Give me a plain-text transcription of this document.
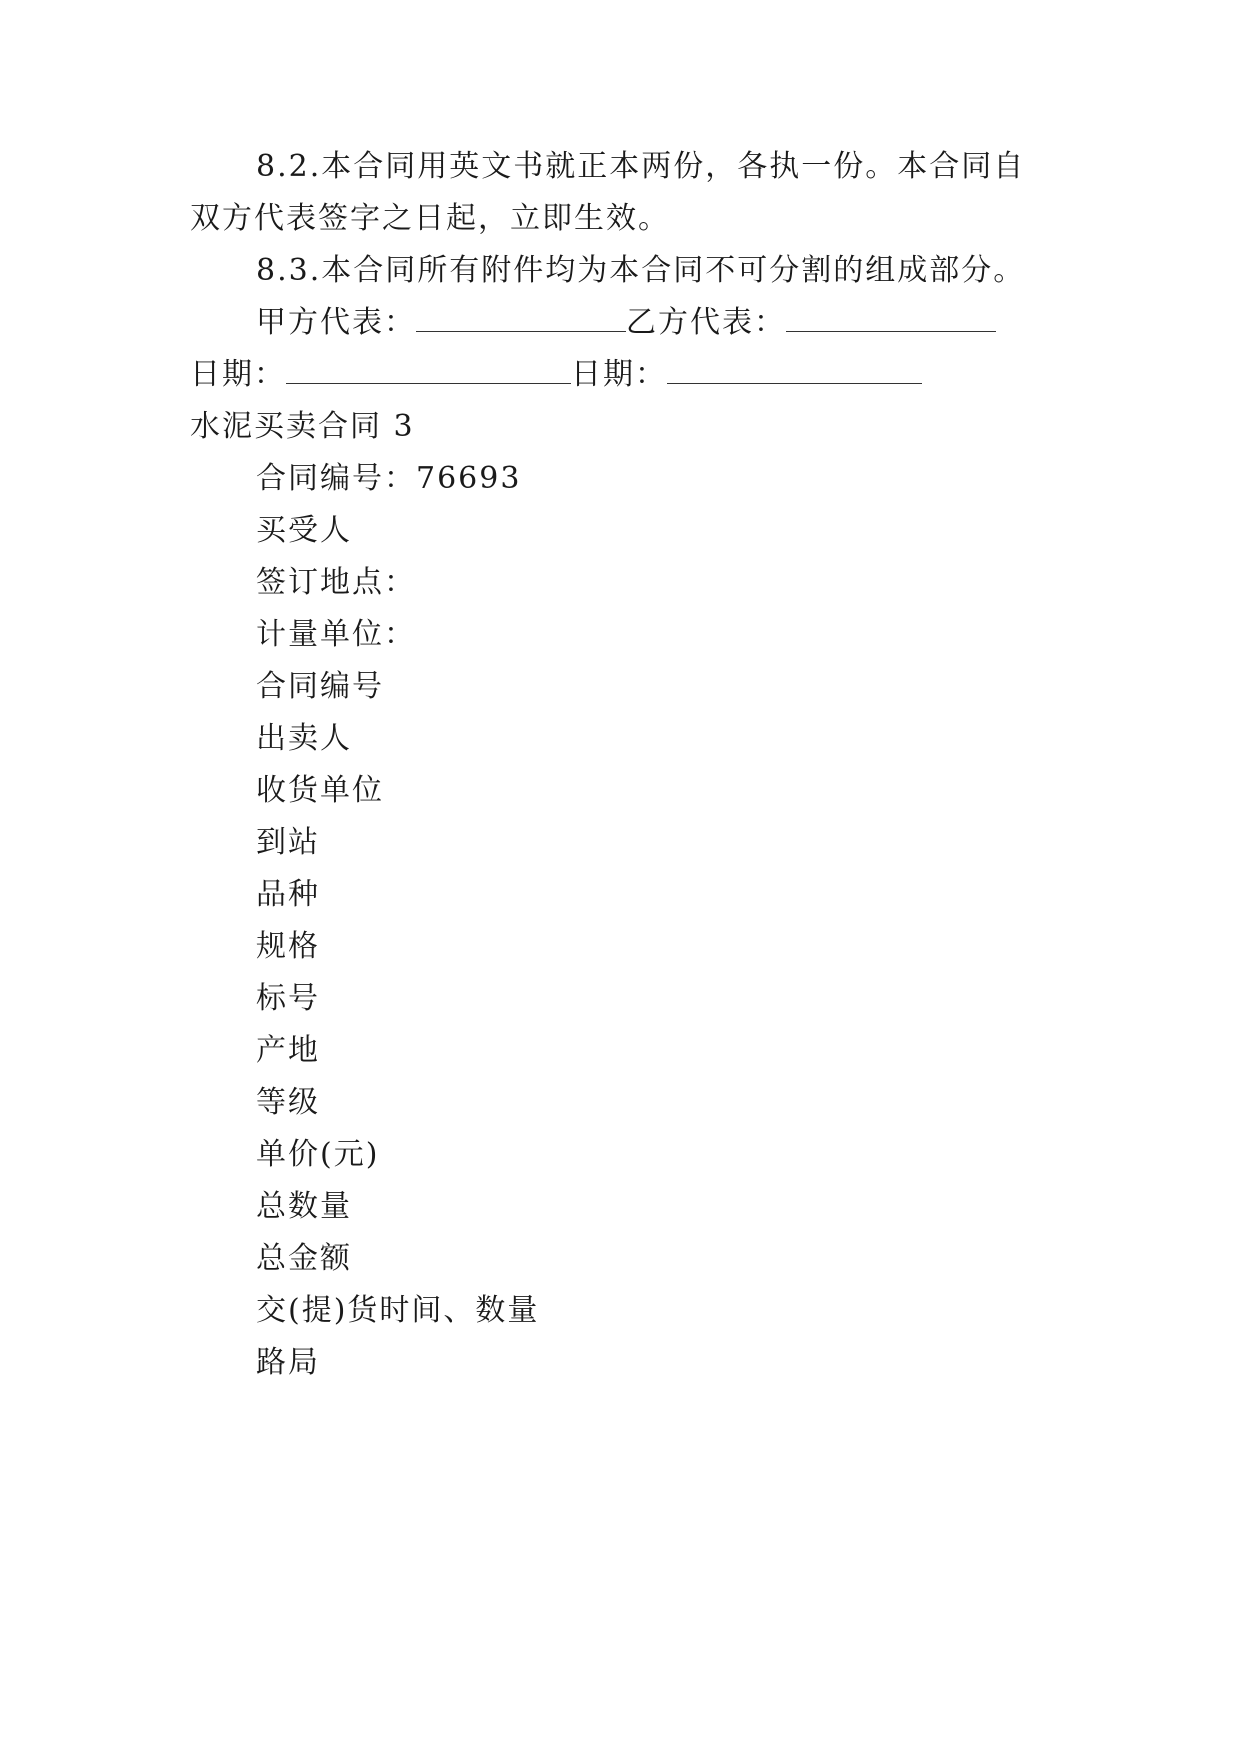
8.2.本合同用英文书就正本两份，各执一份。本合同自
双方代表签字之日起，立即生效。
8.3.本合同所有附件均为本合同不可分割的组成部分。
甲方代表：	乙方代表：
日期：	日期：
水泥买卖合同 3
合同编号：76693
买受人
签订地点：
计量单位：
合同编号
出卖人
收货单位
到站
品种
规格
标号
产地
等级
单价(元)
总数量
总金额
交(提)货时间、数量
路局
